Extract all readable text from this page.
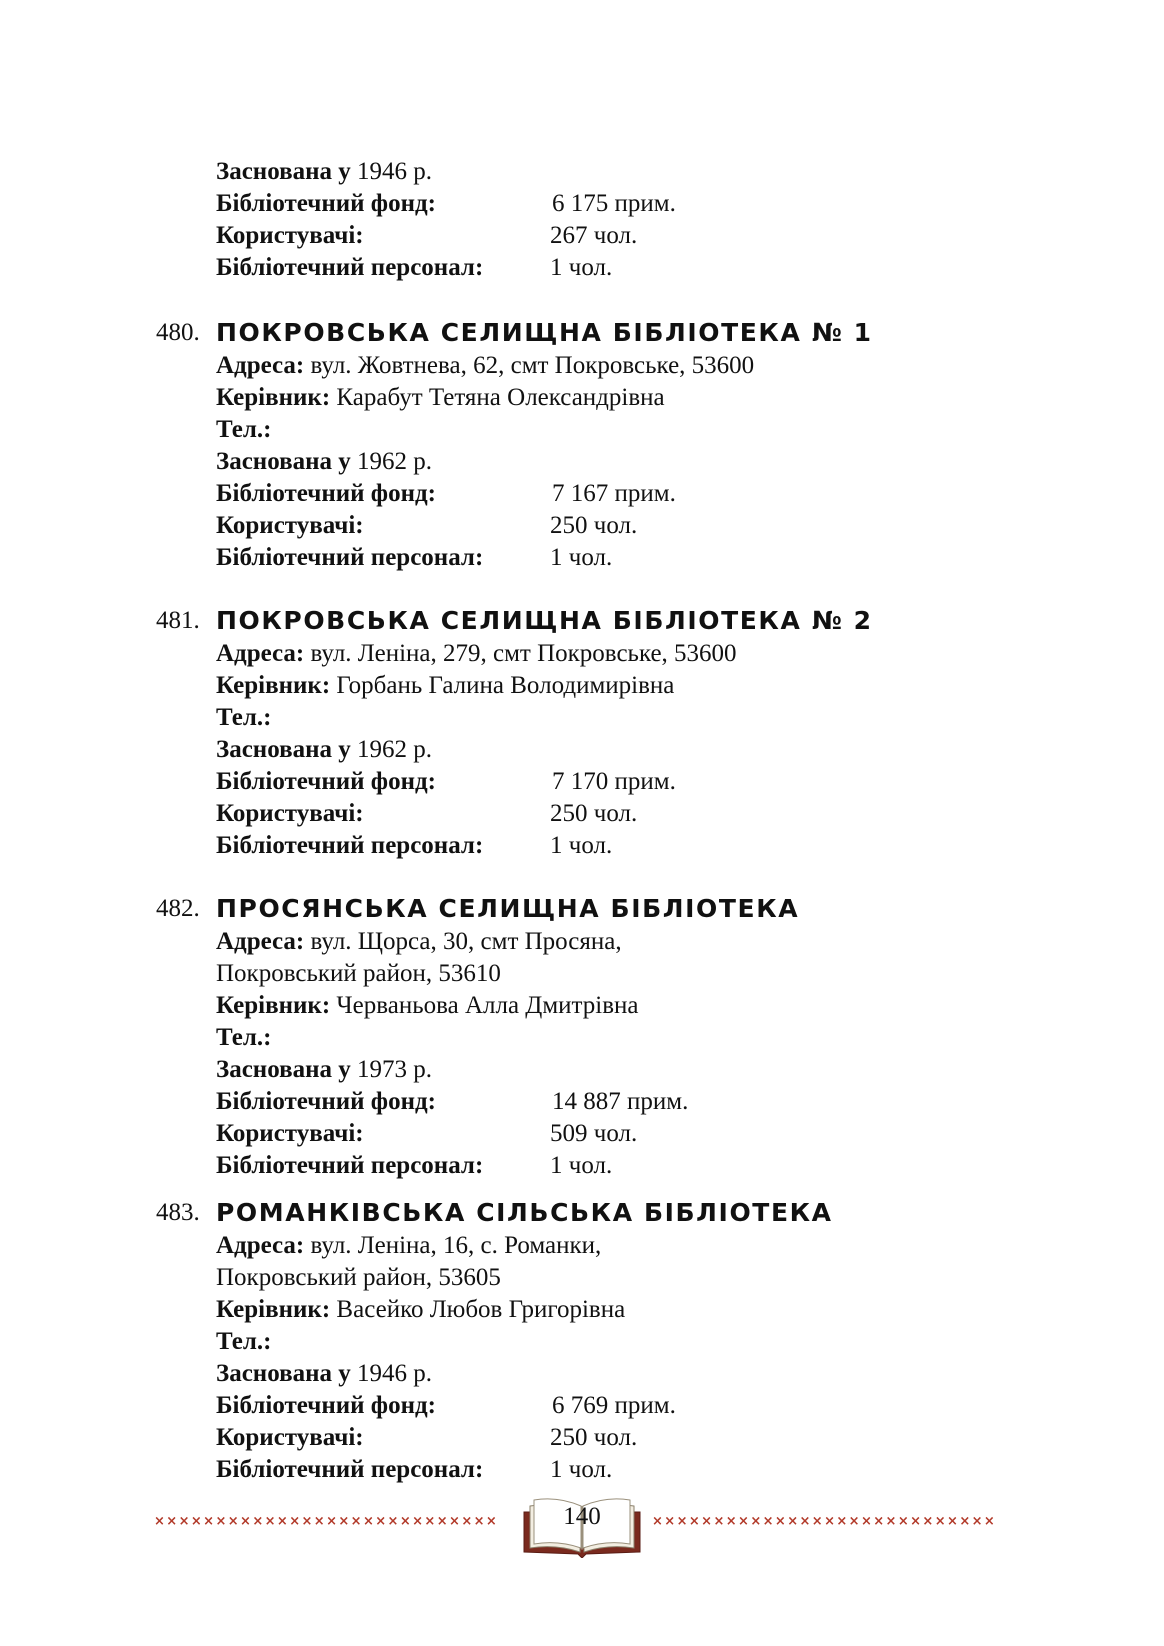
Заснована у 1946 р.
Бібліотечний фонд:	6 175 прим.
Користувачі:	267 чол.
Бібліотечний персонал:	1 чол.
480. ПОКРОВСЬКА СЕЛИЩНА БІБЛІОТЕКА № 1
Адреса: вул. Жовтнева, 62, смт Покровське, 53600
Керівник: Карабут Тетяна Олександрівна
Тел.:
Заснована у 1962 р.
Бібліотечний фонд:	7 167 прим.
Користувачі:	250 чол.
Бібліотечний персонал:	1 чол.
481. ПОКРОВСЬКА СЕЛИЩНА БІБЛІОТЕКА № 2
Адреса: вул. Леніна, 279, смт Покровське, 53600
Керівник: Горбань Галина Володимирівна
Тел.:
Заснована у 1962 р.
Бібліотечний фонд:	7 170 прим.
Користувачі:	250 чол.
Бібліотечний персонал:	1 чол.
482. ПРОСЯНСЬКА СЕЛИЩНА БІБЛІОТЕКА
Адреса: вул. Щорса, 30, смт Просяна,
Покровський район, 53610
Керівник: Черваньова Алла Дмитрівна
Тел.:
Заснована у 1973 р.
Бібліотечний фонд:	14 887 прим.
Користувачі:	509 чол.
Бібліотечний персонал:	1 чол.
483. РОМАНКІВСЬКА СІЛЬСЬКА БІБЛІОТЕКА
Адреса: вул. Леніна, 16, с. Романки,
Покровський район, 53605
Керівник: Васейко Любов Григорівна
Тел.:
Заснована у 1946 р.
Бібліотечний фонд:	6 769 прим.
Користувачі:	250 чол.
Бібліотечний персонал:	1 чол.
××××××××××××××××××××××××××××	××××××××××××××××××××××××××××
140
